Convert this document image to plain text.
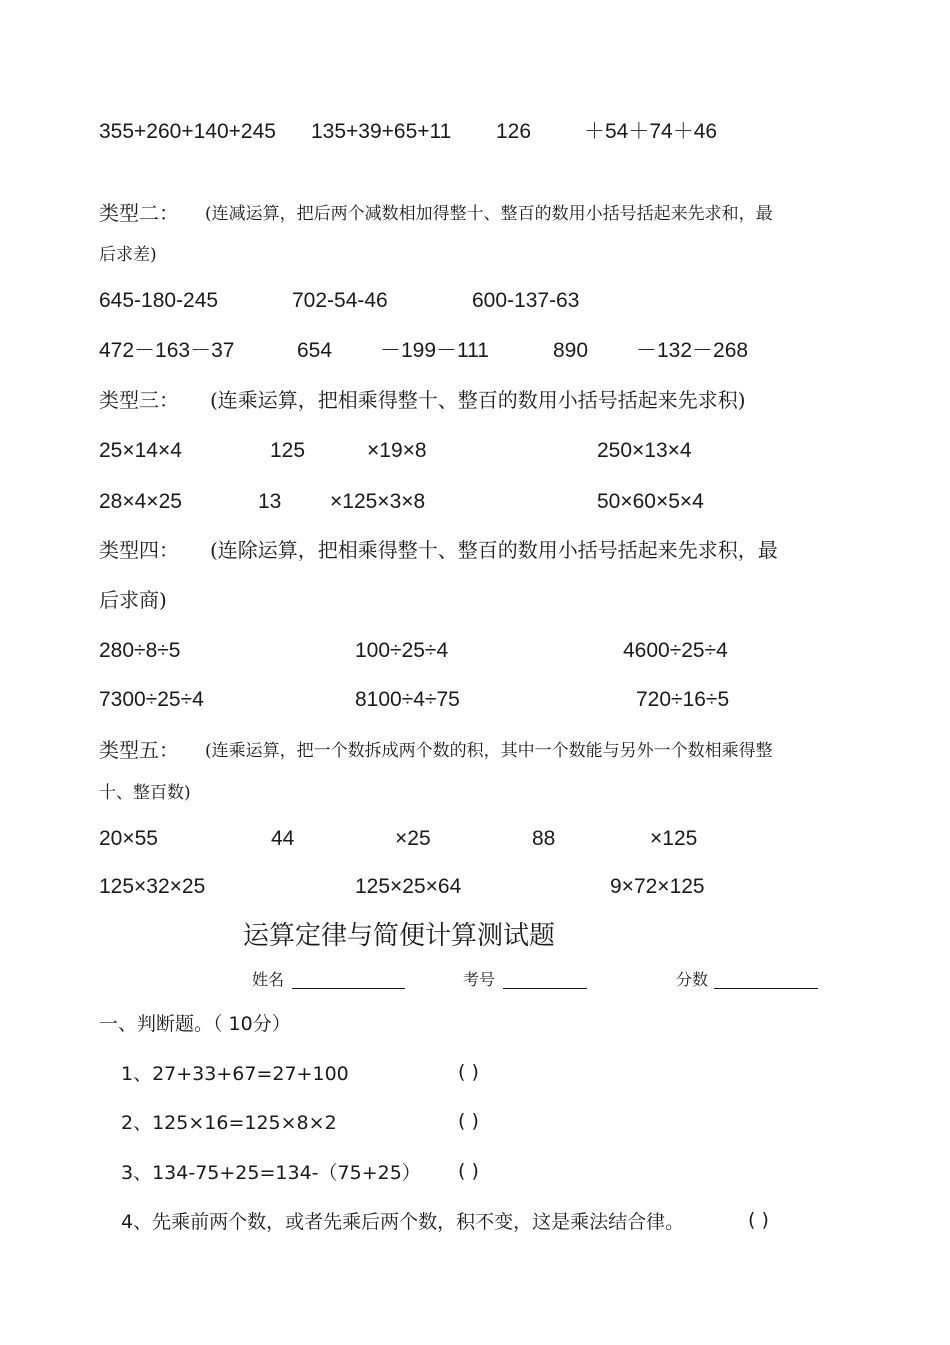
355+260+140+245 135+39+65+11 126	＋54＋74＋46
类型二： (连减运算，把后两个减数相加得整十、整百的数用小括号括起来先求和，最
后求差)
645-180-245	702-54-46	600-137-63
472－163－37	654 －199－111	890 －132－268
类型三： (连乘运算，把相乘得整十、整百的数用小括号括起来先求积)
25×14×4	125	×19×8	250×13×4
28×4×25	13 ×125×3×8	50×60×5×4
类型四： (连除运算，把相乘得整十、整百的数用小括号括起来先求积，最
后求商)
280÷8÷5	100÷25÷4	4600÷25÷4
7300÷25÷4	8100÷4÷75	720÷16÷5
类型五： (连乘运算，把一个数拆成两个数的积，其中一个数能与另外一个数相乘得整
十、整百数)
20×55	44	×25	88	×125
125×32×25	125×25×64	9×72×125
运算定律与简便计算测试题
姓名	考号	分数
一、判断题。（ 10分）
1、27+33+67=27+100	( )
2、125×16=125×8×2	( )
3、134-75+25=134-（75+25） ( )
4、先乘前两个数，或者先乘后两个数，积不变，这是乘法结合律。	( )
